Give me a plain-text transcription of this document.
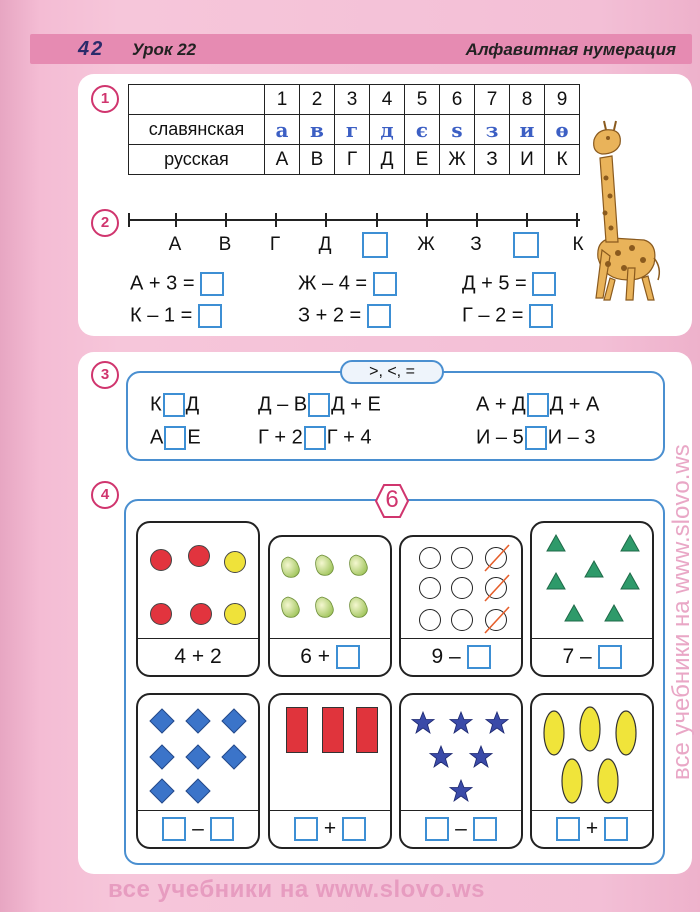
42 Урок 22	Алфавитная нумерация
1
		1	2	3	4	5	6	7	8	9
славянская	а	в	г	д	є	ѕ	з	и	ѳ
русская	А	В	Г	Д	Е	Ж	З	И	К
2
А В	Г	Д	Ж	З	К
А + 3 =	Ж – 4 =	Д + 5 =
К – 1 =	З + 2 =	Г – 2 =
3	>, <, =
К Д	Д – В Д + Е	А + Д Д + А
А Е	Г + 2 Г + 4	И – 5 И – 3
4	6
4 + 2	6 +	9 –	7 –
–	+	–	+
все учебники на www.slovo.ws
все учебники на www.slovo.ws
